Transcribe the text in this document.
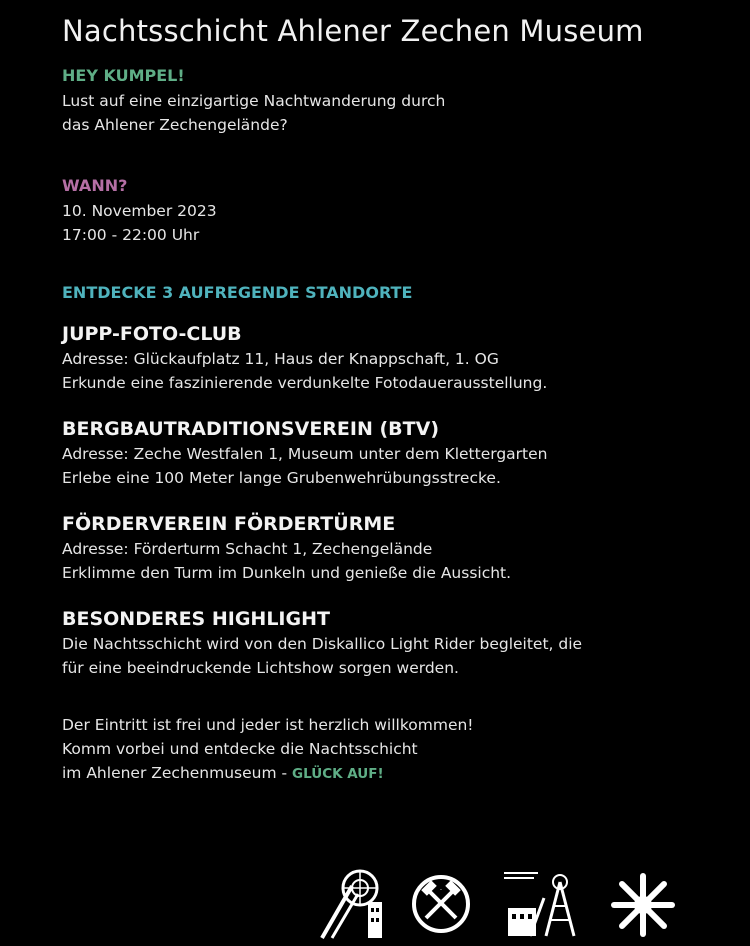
Nachtsschicht Ahlener Zechen Museum
HEY KUMPEL!
Lust auf eine einzigartige Nachtwanderung durch
das Ahlener Zechengelände?
WANN?
10. November 2023
17:00 - 22:00 Uhr
ENTDECKE 3 AUFREGENDE STANDORTE
JUPP-FOTO-CLUB
Adresse: Glückaufplatz 11, Haus der Knappschaft, 1. OG
Erkunde eine faszinierende verdunkelte Fotodauerausstellung.
BERGBAUTRADITIONSVEREIN (BTV)
Adresse: Zeche Westfalen 1, Museum unter dem Klettergarten
Erlebe eine 100 Meter lange Grubenwehrübungsstrecke.
FÖRDERVEREIN FÖRDERTÜRME
Adresse: Förderturm Schacht 1, Zechengelände
Erklimme den Turm im Dunkeln und genieße die Aussicht.
BESONDERES HIGHLIGHT
Die Nachtsschicht wird von den Diskallico Light Rider begleitet, die
für eine beeindruckende Lichtshow sorgen werden.
Der Eintritt ist frei und jeder ist herzlich willkommen!
Komm vorbei und entdecke die Nachtsschicht
im Ahlener Zechenmuseum - GLÜCK AUF!
·
